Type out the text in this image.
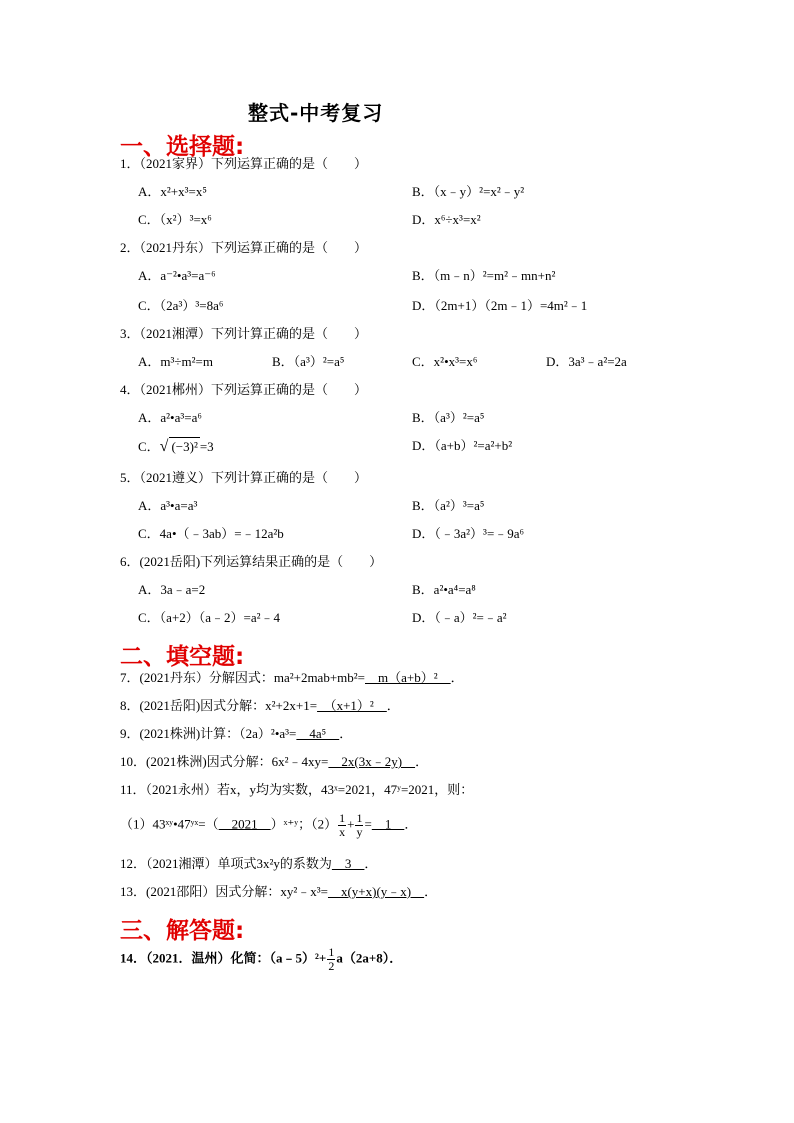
整式-中考复习
一、选择题:
1．（2021家界）下列运算正确的是（　　）
A．x²+x³=x⁵	B．（x﹣y）²=x²﹣y²
C．（x²）³=x⁶	D．x⁶÷x³=x²
2．（2021丹东）下列运算正确的是（　　）
A．a⁻²•a³=a⁻⁶	B．（m﹣n）²=m²﹣mn+n²
C．（2a³）³=8a⁶	D．（2m+1）（2m﹣1）=4m²﹣1
3．（2021湘潭）下列计算正确的是（　　）
A．m³÷m²=m	B．（a³）²=a⁵	C．x²•x³=x⁶	D．3a³﹣a²=2a
4．（2021郴州）下列运算正确的是（　　）
A．a²•a³=a⁶	B．（a³）²=a⁵
C．√ (−3)² =3	D．（a+b）²=a²+b²
5．（2021遵义）下列计算正确的是（　　）
A．a³•a=a³	B．（a²）³=a⁵
C．4a•（﹣3ab）=﹣12a²b	D．（﹣3a²）³=﹣9a⁶
6．(2021岳阳)下列运算结果正确的是（　　）
A．3a﹣a=2	B．a²•a⁴=a⁸
C．（a+2）（a﹣2）=a²﹣4	D．（﹣a）²=﹣a²
二、填空题:
7．(2021丹东）分解因式：ma²+2mab+mb²=　m（a+b）²　．
8．(2021岳阳)因式分解：x²+2x+1=　（x+1）²　．
9．(2021株洲)计算：（2a）²•a³=　4a⁵　．
10．(2021株洲)因式分解：6x²﹣4xy=　2x(3x﹣2y)　．
11．（2021永州）若x，y均为实数，43ˣ=2021，47ʸ=2021，则：
（1）43ˣʸ•47ʸˣ=（　2021　）ˣ⁺ʸ；$(2) \frac{1}{x} + \frac{1}{y}$ =　1　．
12．（2021湘潭）单项式3x²y的系数为　3　．
13．(2021邵阳）因式分解：xy²﹣x³=　x(y+x)(y﹣x)　．
三、解答题:
14．（2021．温州）化简：（a﹣5）²+ $\frac{1}{2} a(2a+8)$．
